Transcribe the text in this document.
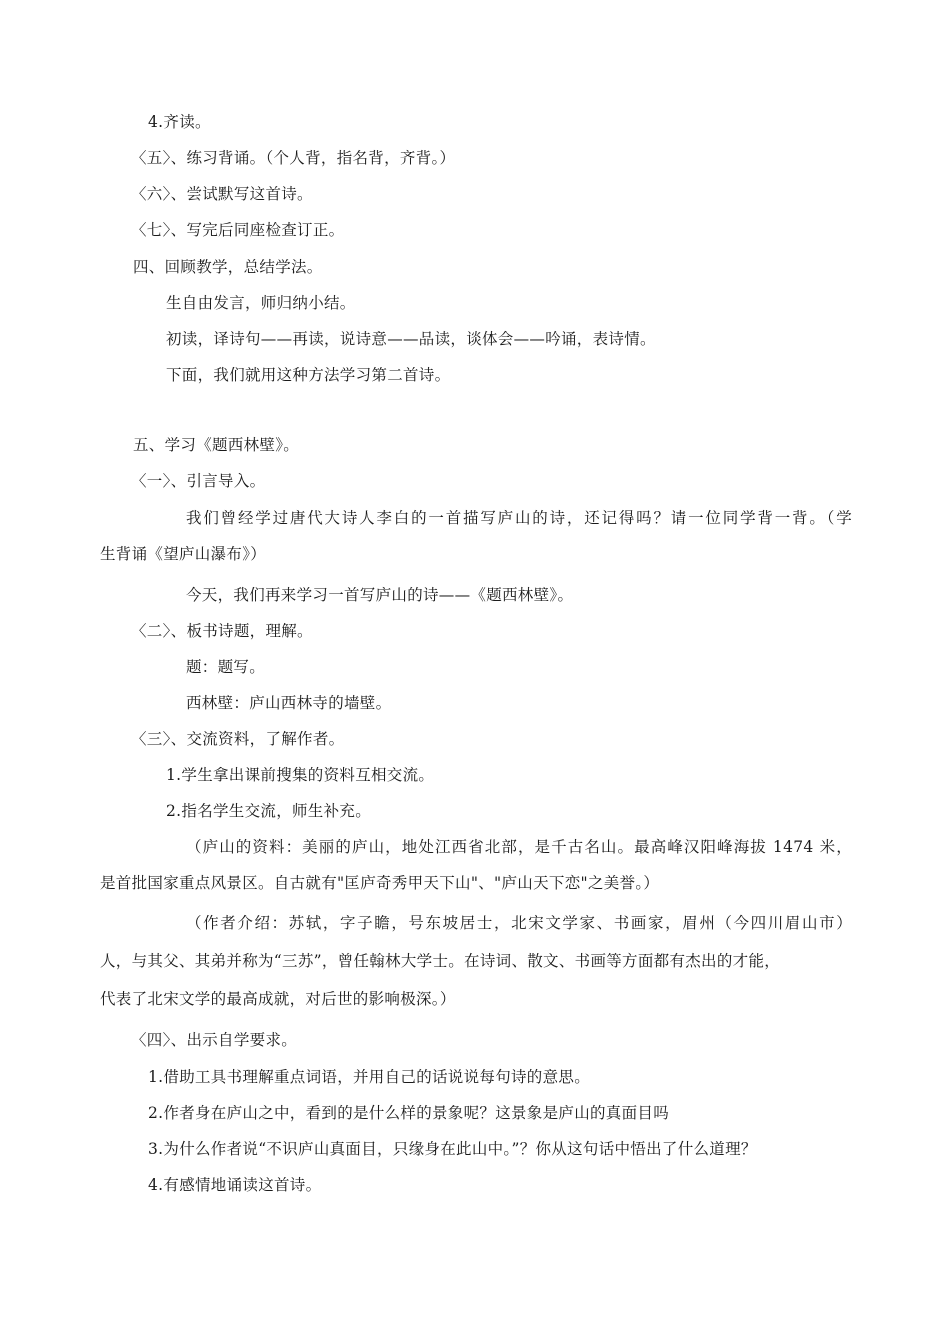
4.齐读。
〈五〉、练习背诵。（个人背，指名背，齐背。）
〈六〉、尝试默写这首诗。
〈七〉、写完后同座检查订正。
四、回顾教学，总结学法。
生自由发言，师归纳小结。
初读，译诗句——再读，说诗意——品读，谈体会——吟诵，表诗情。
下面，我们就用这种方法学习第二首诗。
五、学习《题西林壁》。
〈一〉、引言导入。

我们曾经学过唐代大诗人李白的一首描写庐山的诗，还记得吗？请一位同学背一背。（学

生背诵《望庐山瀑布》）

今天，我们再来学习一首写庐山的诗——《题西林壁》。
〈二〉、板书诗题，理解。
题：题写。
西林壁：庐山西林寺的墙壁。
〈三〉、交流资料，了解作者。
1.学生拿出课前搜集的资料互相交流。
2.指名学生交流，师生补充。

（庐山的资料：美丽的庐山，地处江西省北部，是千古名山。最高峰汉阳峰海拔 1474 米，

是首批国家重点风景区。自古就有"匡庐奇秀甲天下山"、"庐山天下恋"之美誉。）

（作者介绍：苏轼，字子瞻，号东坡居士，北宋文学家、书画家，眉州（今四川眉山市）

人，与其父、其弟并称为“三苏”，曾任翰林大学士。在诗词、散文、书画等方面都有杰出的才能，

代表了北宋文学的最高成就，对后世的影响极深。）

〈四〉、出示自学要求。
1.借助工具书理解重点词语，并用自己的话说说每句诗的意思。
2.作者身在庐山之中，看到的是什么样的景象呢？这景象是庐山的真面目吗
3.为什么作者说“不识庐山真面目，只缘身在此山中。”？你从这句话中悟出了什么道理？
4.有感情地诵读这首诗。
